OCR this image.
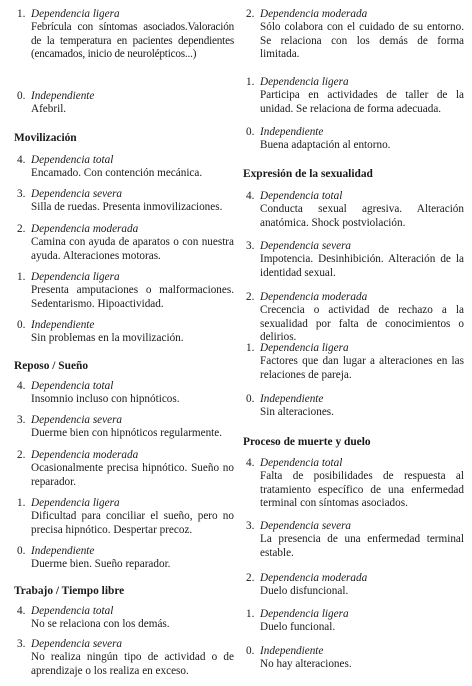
1. Dependencia ligera
Febrícula con síntomas asociados.Valoración de la temperatura en pacientes dependientes (encamados, inicio de neurolépticos...)
0. Independiente
Afebril.
Movilización
4. Dependencia total
Encamado. Con contención mecánica.
3. Dependencia severa
Silla de ruedas. Presenta inmovilizaciones.
2. Dependencia moderada
Camina con ayuda de aparatos o con nuestra ayuda. Alteraciones motoras.
1. Dependencia ligera
Presenta amputaciones o malformaciones. Sedentarismo. Hipoactividad.
0. Independiente
Sin problemas en la movilización.
Reposo / Sueño
4. Dependencia total
Insomnio incluso con hipnóticos.
3. Dependencia severa
Duerme bien con hipnóticos regularmente.
2. Dependencia moderada
Ocasionalmente precisa hipnótico. Sueño no reparador.
1. Dependencia ligera
Dificultad para conciliar el sueño, pero no precisa hipnótico. Despertar precoz.
0. Independiente
Duerme bien. Sueño reparador.
Trabajo / Tiempo libre
4. Dependencia total
No se relaciona con los demás.
3. Dependencia severa
No realiza ningún tipo de actividad o de aprendizaje o los realiza en exceso.
2. Dependencia moderada
Sólo colabora con el cuidado de su entorno. Se relaciona con los demás de forma limitada.
1. Dependencia ligera
Participa en actividades de taller de la unidad. Se relaciona de forma adecuada.
0. Independiente
Buena adaptación al entorno.
Expresión de la sexualidad
4. Dependencia total
Conducta sexual agresiva. Alteración anatómica. Shock postviolación.
3. Dependencia severa
Impotencia. Desinhibición. Alteración de la identidad sexual.
2. Dependencia moderada
Crecencia o actividad de rechazo a la sexualidad por falta de conocimientos o delirios.
1. Dependencia ligera
Factores que dan lugar a alteraciones en las relaciones de pareja.
0. Independiente
Sin alteraciones.
Proceso de muerte y duelo
4. Dependencia total
Falta de posibilidades de respuesta al tratamiento específico de una enfermedad terminal con síntomas asociados.
3. Dependencia severa
La presencia de una enfermedad terminal estable.
2. Dependencia moderada
Duelo disfuncional.
1. Dependencia ligera
Duelo funcional.
0. Independiente
No hay alteraciones.
